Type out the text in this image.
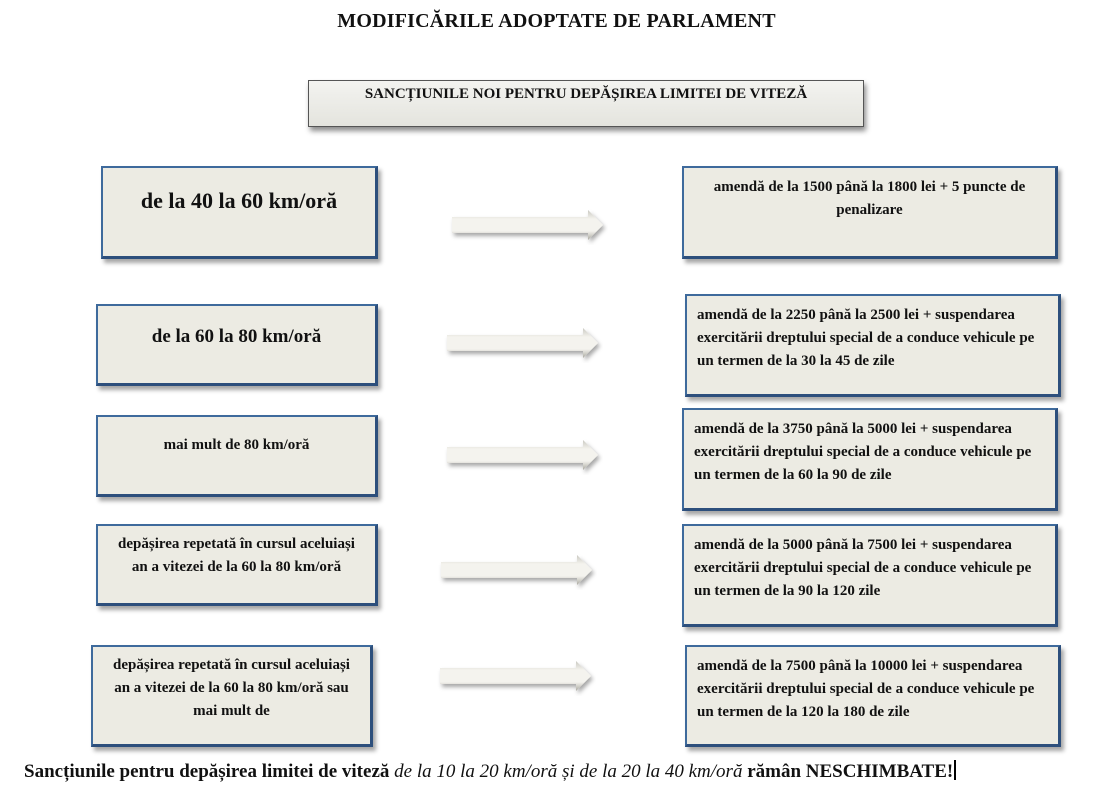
MODIFICĂRILE ADOPTATE DE PARLAMENT
SANCȚIUNILE NOI PENTRU DEPĂȘIREA LIMITEI DE VITEZĂ
de la 40 la 60 km/oră
amendă de la 1500 până la 1800 lei + 5 puncte de penalizare
de la 60 la 80 km/oră
amendă de la 2250 până la 2500 lei + suspendarea exercitării dreptului special de a conduce vehicule pe un termen de la 30 la 45 de zile
mai mult de 80 km/oră
amendă de la 3750 până la 5000 lei + suspendarea exercitării dreptului special de a conduce vehicule pe un termen de la 60 la 90 de zile
depășirea repetată în cursul aceluiași an a vitezei de la 60 la 80 km/oră
amendă de la 5000 până la 7500 lei + suspendarea exercitării dreptului special de a conduce vehicule pe un termen de la 90 la 120 zile
depășirea repetată în cursul aceluiași an a vitezei de la 60 la 80 km/oră sau mai mult de
amendă de la 7500 până la 10000 lei + suspendarea exercitării dreptului special de a conduce vehicule pe un termen de la 120 la 180 de zile
Sancțiunile pentru depășirea limitei de viteză de la 10 la 20 km/oră și de la 20 la 40 km/oră rămân NESCHIMBATE!
